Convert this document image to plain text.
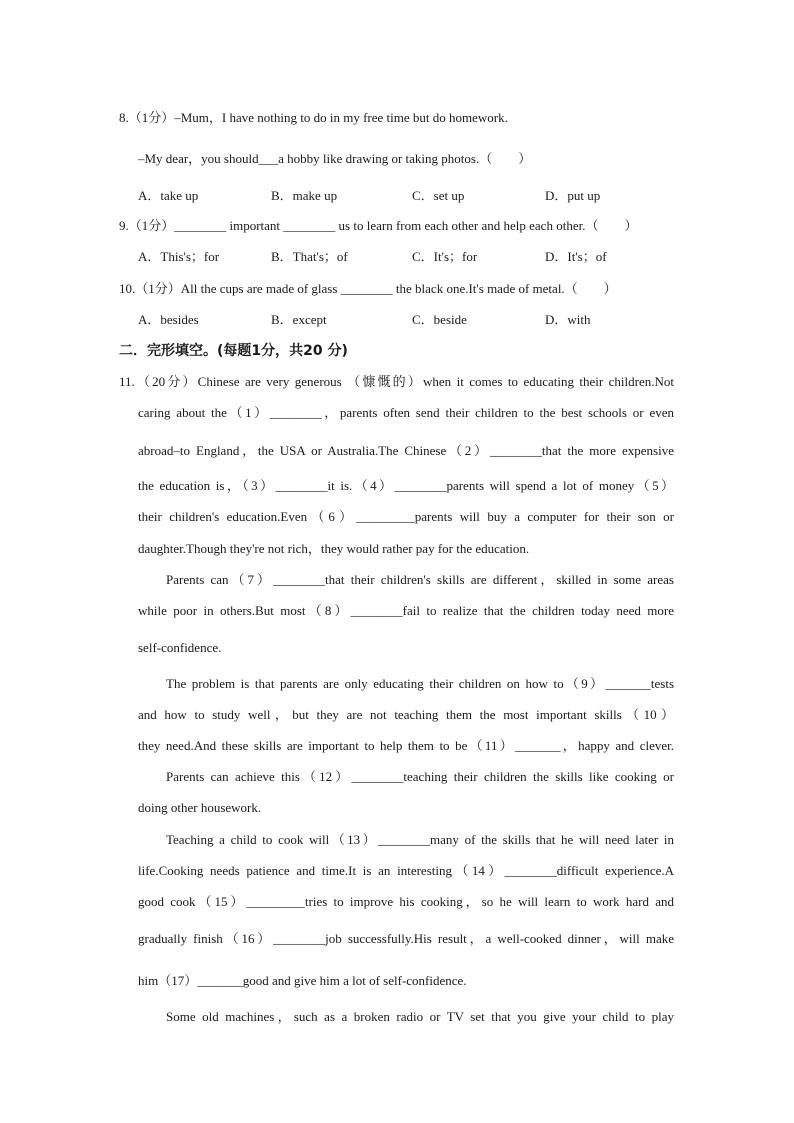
8.（1分）–Mum，I have nothing to do in my free time but do homework.
–My dear，you should___a hobby like drawing or taking photos.（　　）
A．take up	B．make up	C．set up	D．put up
9.（1分）________ important ________ us to learn from each other and help each other.（　　）
A．This's；for	B．That's；of	C．It's；for	D．It's；of
10.（1分）All the cups are made of glass ________ the black one.It's made of metal.（　　）
A．besides	B．except	C．beside	D．with
二．完形填空。(每题1分，共20 分)
11.（20分）Chinese are very generous （慷慨的）when it comes to educating their children.Not
caring about the（1）________，parents often send their children to the best schools or even
abroad–to England，the USA or Australia.The Chinese（2）________that the more expensive
the education is，（3）________it is.（4）________parents will spend a lot of money（5）
their children's education.Even（6）_________parents will buy a computer for their son or
daughter.Though they're not rich，they would rather pay for the education.
Parents can（7）________that their children's skills are different，skilled in some areas
while poor in others.But most（8）________fail to realize that the children today need more
self-confidence.
The problem is that parents are only educating their children on how to（9）_______tests
and how to study well，but they are not teaching them the most important skills（10）
they need.And these skills are important to help them to be（11）_______，happy and clever.
Parents can achieve this（12）________teaching their children the skills like cooking or
doing other housework.
Teaching a child to cook will（13）________many of the skills that he will need later in
life.Cooking needs patience and time.It is an interesting（14）________difficult experience.A
good cook（15）_________tries to improve his cooking，so he will learn to work hard and
gradually finish（16）________job successfully.His result，a well-cooked dinner，will make
him（17）_______good and give him a lot of self-confidence.
Some old machines，such as a broken radio or TV set that you give your child to play
